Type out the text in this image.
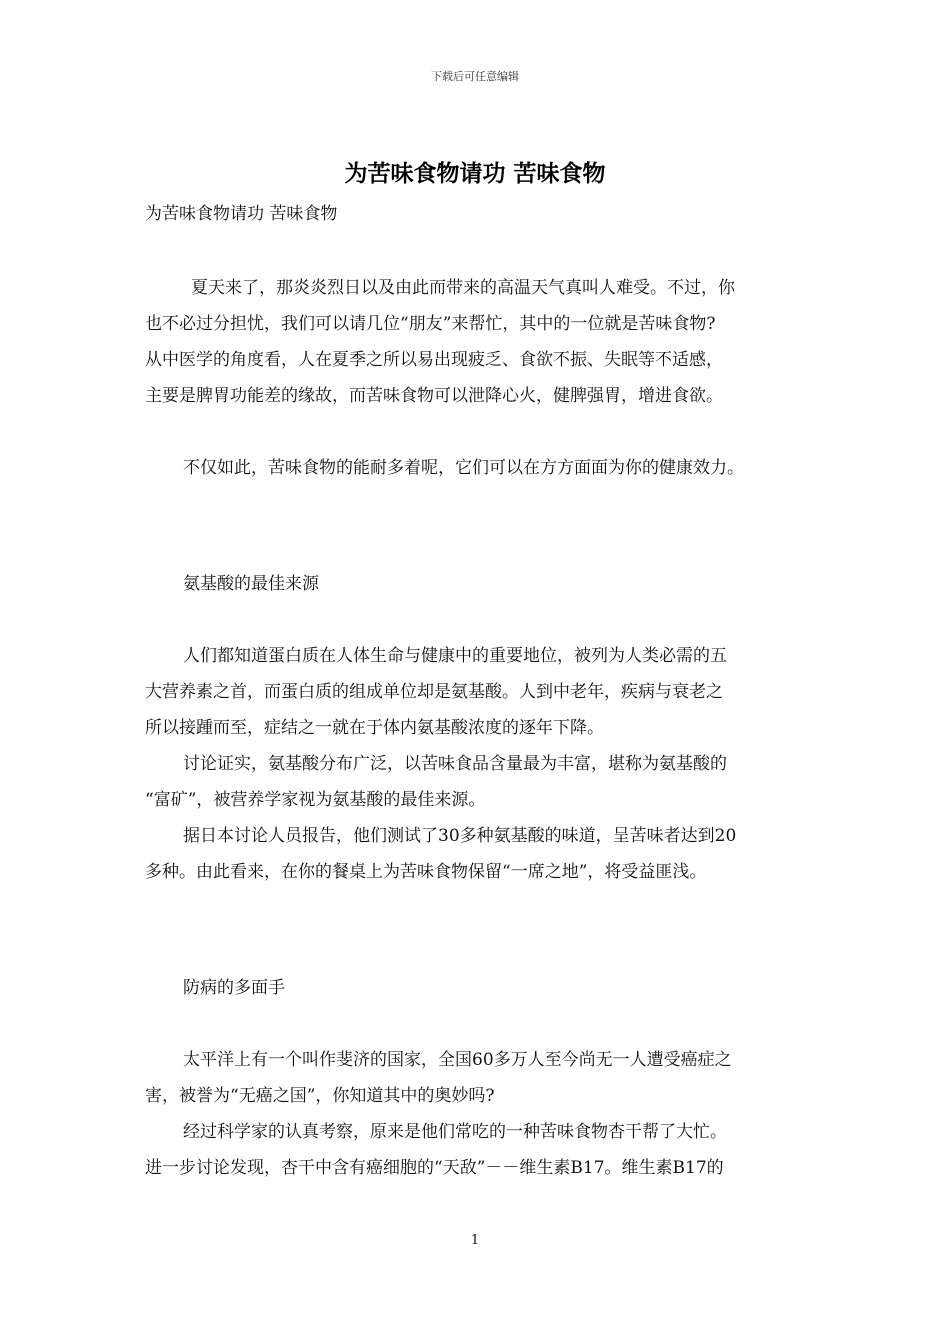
下载后可任意编辑
为苦味食物请功 苦味食物
为苦味食物请功 苦味食物
夏天来了，那炎炎烈日以及由此而带来的高温天气真叫人难受。不过，你
也不必过分担忧，我们可以请几位“朋友”来帮忙，其中的一位就是苦味食物?
从中医学的角度看，人在夏季之所以易出现疲乏、食欲不振、失眠等不适感，
主要是脾胃功能差的缘故，而苦味食物可以泄降心火，健脾强胃，增进食欲。
不仅如此，苦味食物的能耐多着呢，它们可以在方方面面为你的健康效力。
氨基酸的最佳来源
人们都知道蛋白质在人体生命与健康中的重要地位，被列为人类必需的五
大营养素之首，而蛋白质的组成单位却是氨基酸。人到中老年，疾病与衰老之
所以接踵而至，症结之一就在于体内氨基酸浓度的逐年下降。
讨论证实，氨基酸分布广泛，以苦味食品含量最为丰富，堪称为氨基酸的
“富矿”，被营养学家视为氨基酸的最佳来源。
据日本讨论人员报告，他们测试了30多种氨基酸的味道，呈苦味者达到20
多种。由此看来，在你的餐桌上为苦味食物保留“一席之地”，将受益匪浅。
防病的多面手
太平洋上有一个叫作斐济的国家，全国60多万人至今尚无一人遭受癌症之
害，被誉为“无癌之国”，你知道其中的奥妙吗?
经过科学家的认真考察，原来是他们常吃的一种苦味食物杏干帮了大忙。
进一步讨论发现，杏干中含有癌细胞的“天敌”－－维生素B17。维生素B17的
1
